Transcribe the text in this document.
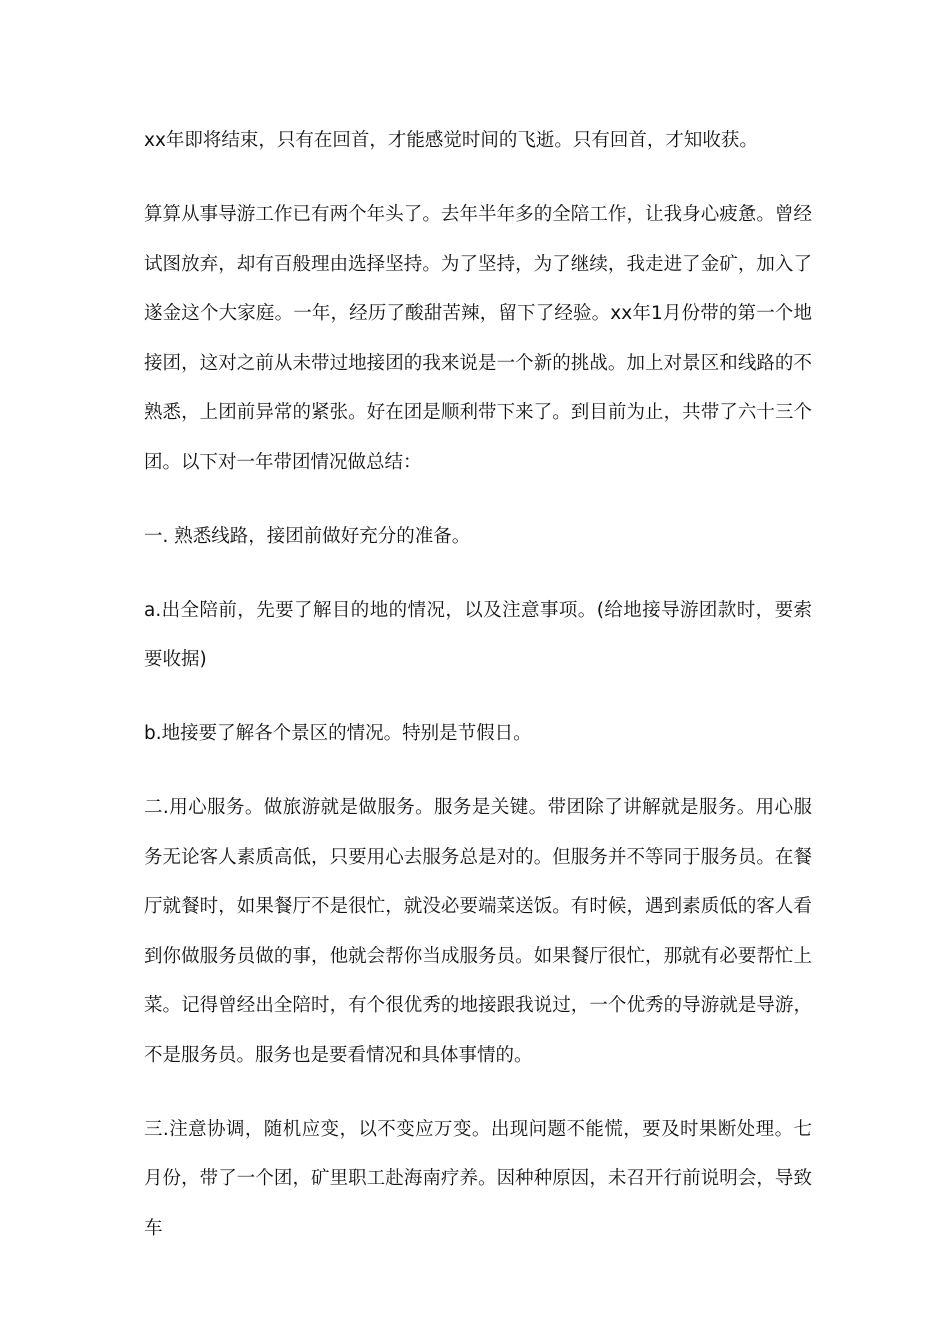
xx年即将结束，只有在回首，才能感觉时间的飞逝。只有回首，才知收获。

算算从事导游工作已有两个年头了。去年半年多的全陪工作，让我身心疲惫。曾经试图放弃，却有百般理由选择坚持。为了坚持，为了继续，我走进了金矿，加入了遂金这个大家庭。一年，经历了酸甜苦辣，留下了经验。xx年1月份带的第一个地接团，这对之前从未带过地接团的我来说是一个新的挑战。加上对景区和线路的不熟悉，上团前异常的紧张。好在团是顺利带下来了。到目前为止，共带了六十三个团。以下对一年带团情况做总结：

一. 熟悉线路，接团前做好充分的准备。

a.出全陪前，先要了解目的地的情况，以及注意事项。(给地接导游团款时，要索要收据)

b.地接要了解各个景区的情况。特别是节假日。

二.用心服务。做旅游就是做服务。服务是关键。带团除了讲解就是服务。用心服务无论客人素质高低，只要用心去服务总是对的。但服务并不等同于服务员。在餐厅就餐时，如果餐厅不是很忙，就没必要端菜送饭。有时候，遇到素质低的客人看到你做服务员做的事，他就会帮你当成服务员。如果餐厅很忙，那就有必要帮忙上菜。记得曾经出全陪时，有个很优秀的地接跟我说过，一个优秀的导游就是导游，不是服务员。服务也是要看情况和具体事情的。

三.注意协调，随机应变，以不变应万变。出现问题不能慌，要及时果断处理。七月份，带了一个团，矿里职工赴海南疗养。因种种原因，未召开行前说明会，导致车
